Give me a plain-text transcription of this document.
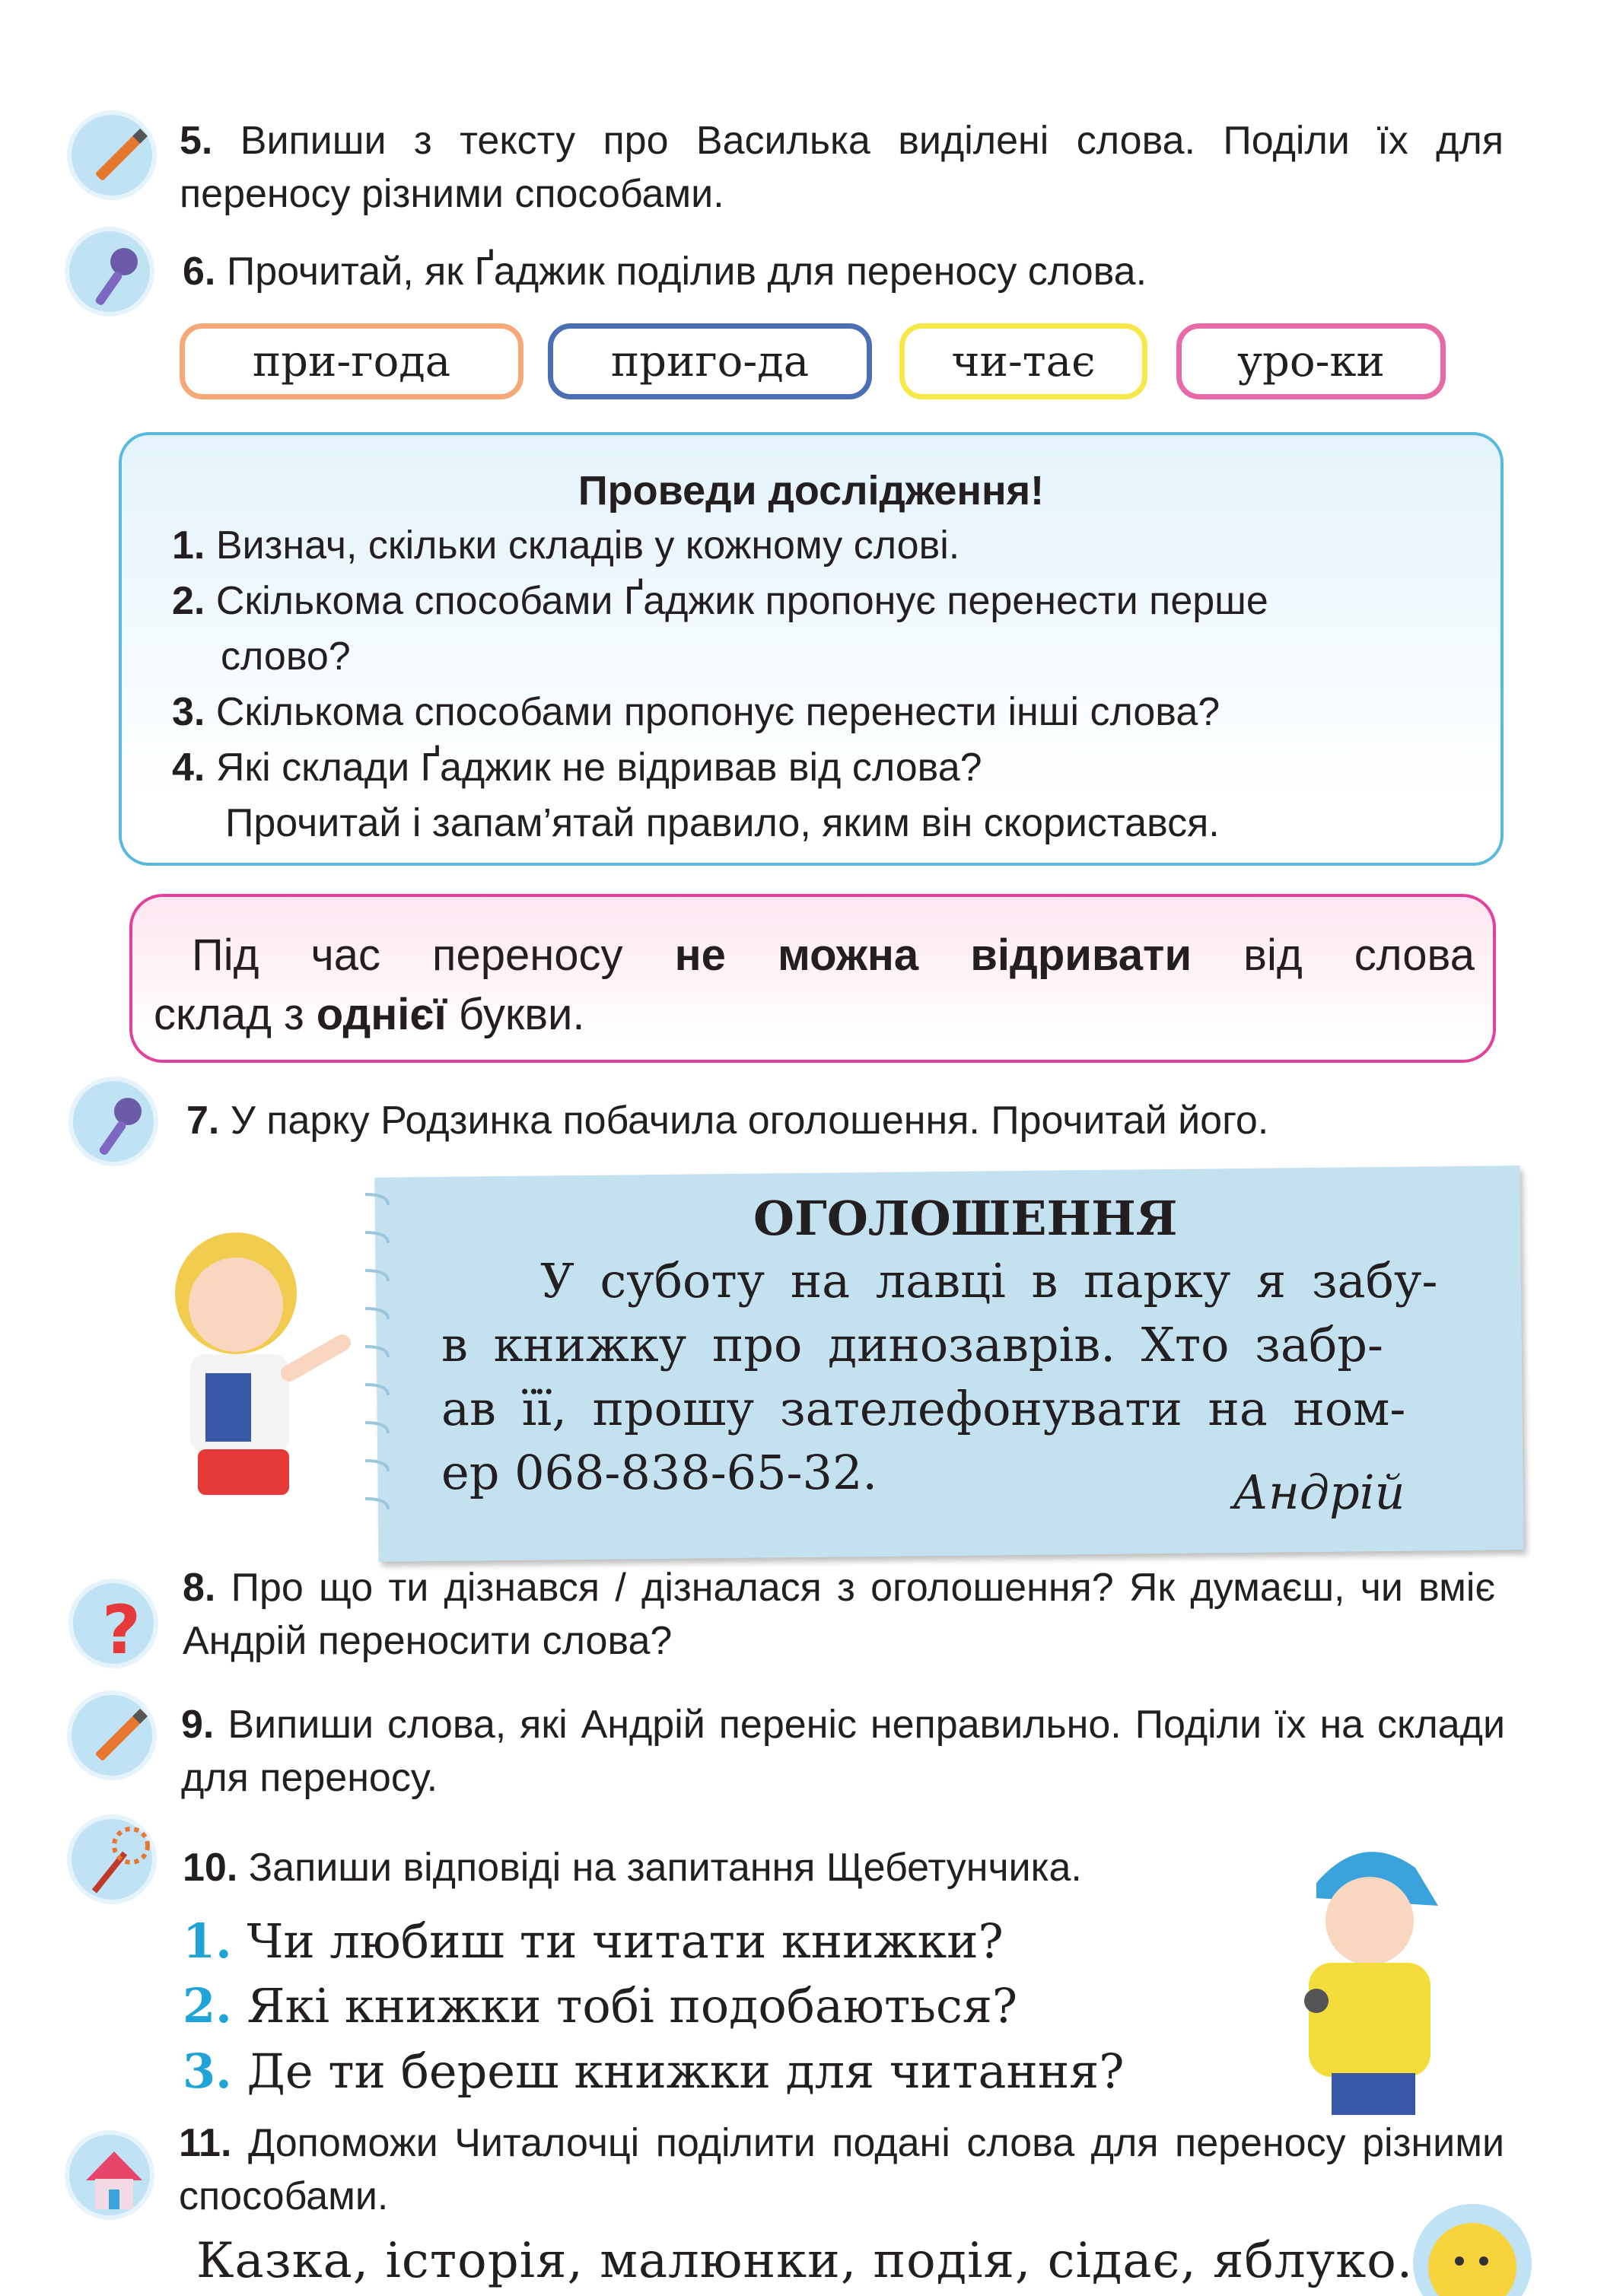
5. Випиши з тексту про Василька виділені слова. Поділи їх для переносу різними способами.
6. Прочитай, як Ґаджик поділив для переносу слова.
при-года	приго-да	чи-тає	уро-ки
Проведи дослідження!
1. Визнач, скільки складів у кожному слові.
2. Скількома способами Ґаджик пропонує перенести перше
слово?
3. Скількома способами пропонує перенести інші слова?
4. Які склади Ґаджик не відривав від слова?
Прочитай і запам’ятай правило, яким він скористався.
Під час переносу не можна відривати від слова
склад з однієї букви.
7. У парку Родзинка побачила оголошення. Прочитай його.
ОГОЛОШЕННЯ
У суботу на лавці в парку я забу-
в книжку про динозаврів. Хто забр-
ав її, прошу зателефонувати на ном-
ер 068-838-65-32.	Андрій
?
8. Про що ти дізнався / дізналася з оголошення? Як думаєш, чи вміє Андрій переносити слова?
9. Випиши слова, які Андрій переніс неправильно. Поділи їх на склади для переносу.
10. Запиши відповіді на запитання Щебетунчика.
1. Чи любиш ти читати книжки?
2. Які книжки тобі подобаються?
3. Де ти береш книжки для читання?
11. Допоможи Читалочці поділити подані слова для переносу різними способами.
Казка, історія, малюнки, подія, сідає, яблуко.
